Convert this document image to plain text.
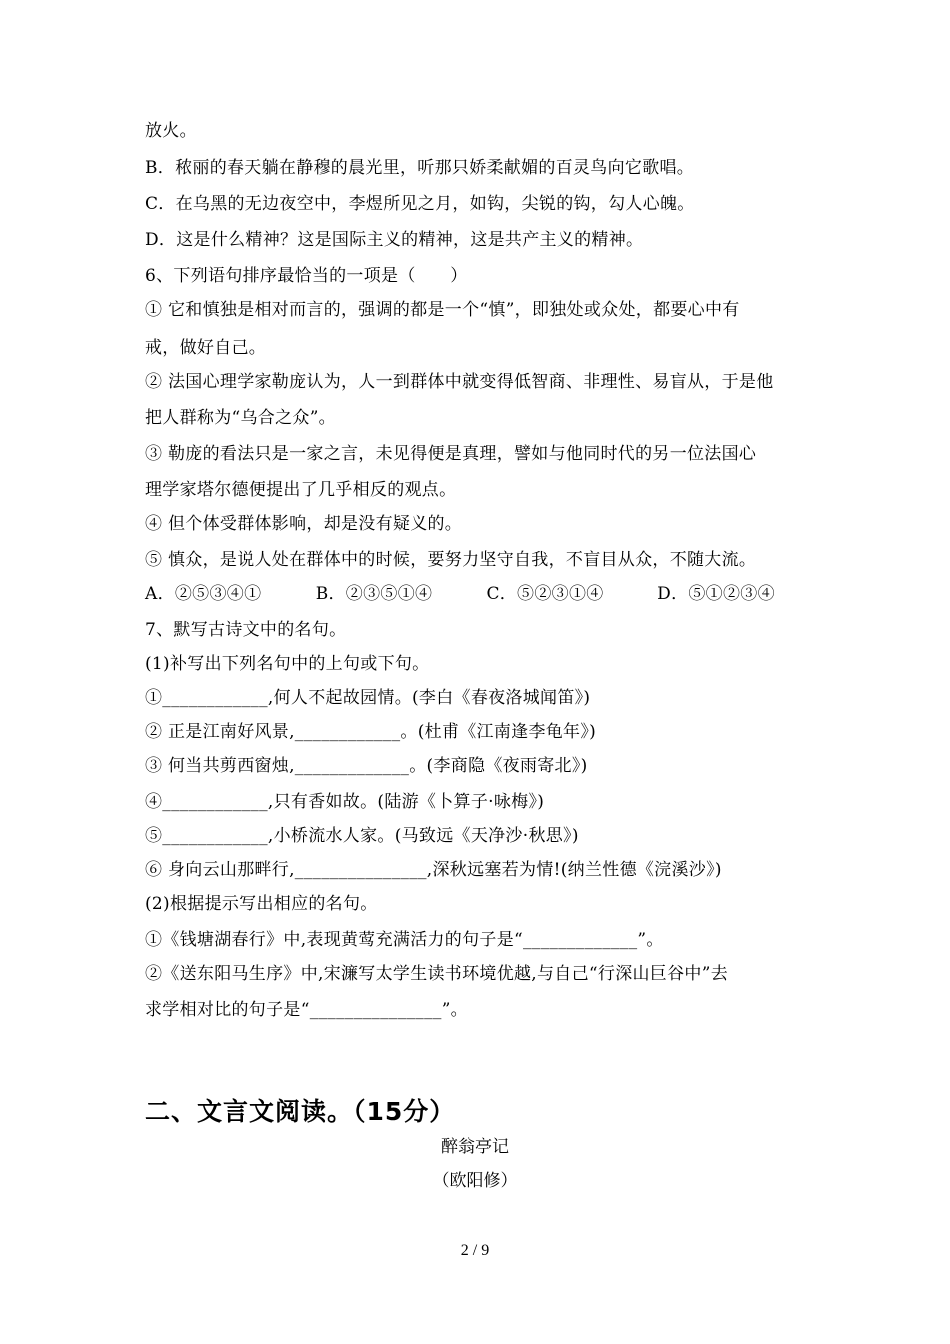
放火。
B．秾丽的春天躺在静穆的晨光里，听那只娇柔献媚的百灵鸟向它歌唱。
C．在乌黑的无边夜空中，李煜所见之月，如钩，尖锐的钩，勾人心魄。
D．这是什么精神？这是国际主义的精神，这是共产主义的精神。
6、下列语句排序最恰当的一项是（　　）
① 它和慎独是相对而言的，强调的都是一个“慎”，即独处或众处，都要心中有
戒，做好自己。
② 法国心理学家勒庞认为，人一到群体中就变得低智商、非理性、易盲从，于是他
把人群称为“乌合之众”。
③ 勒庞的看法只是一家之言，未见得便是真理，譬如与他同时代的另一位法国心
理学家塔尔德便提出了几乎相反的观点。
④ 但个体受群体影响，却是没有疑义的。
⑤ 慎众，是说人处在群体中的时候，要努力坚守自我，不盲目从众，不随大流。
A．②⑤③④①	B．②③⑤①④	C．⑤②③①④	D．⑤①②③④
7、默写古诗文中的名句。
(1)补写出下列名句中的上句或下句。
①____________,何人不起故园情。(李白《春夜洛城闻笛》)
② 正是江南好风景,____________。(杜甫《江南逢李龟年》)
③ 何当共剪西窗烛,_____________。(李商隐《夜雨寄北》)
④____________,只有香如故。(陆游《卜算子·咏梅》)
⑤____________,小桥流水人家。(马致远《天净沙·秋思》)
⑥ 身向云山那畔行,_______________,深秋远塞若为情!(纳兰性德《浣溪沙》)
(2)根据提示写出相应的名句。
①《钱塘湖春行》中,表现黄莺充满活力的句子是“_____________”。
②《送东阳马生序》中,宋濂写太学生读书环境优越,与自己“行深山巨谷中”去
求学相对比的句子是“_______________”。
二、文言文阅读。（15分）
醉翁亭记
（欧阳修）
2 / 9
